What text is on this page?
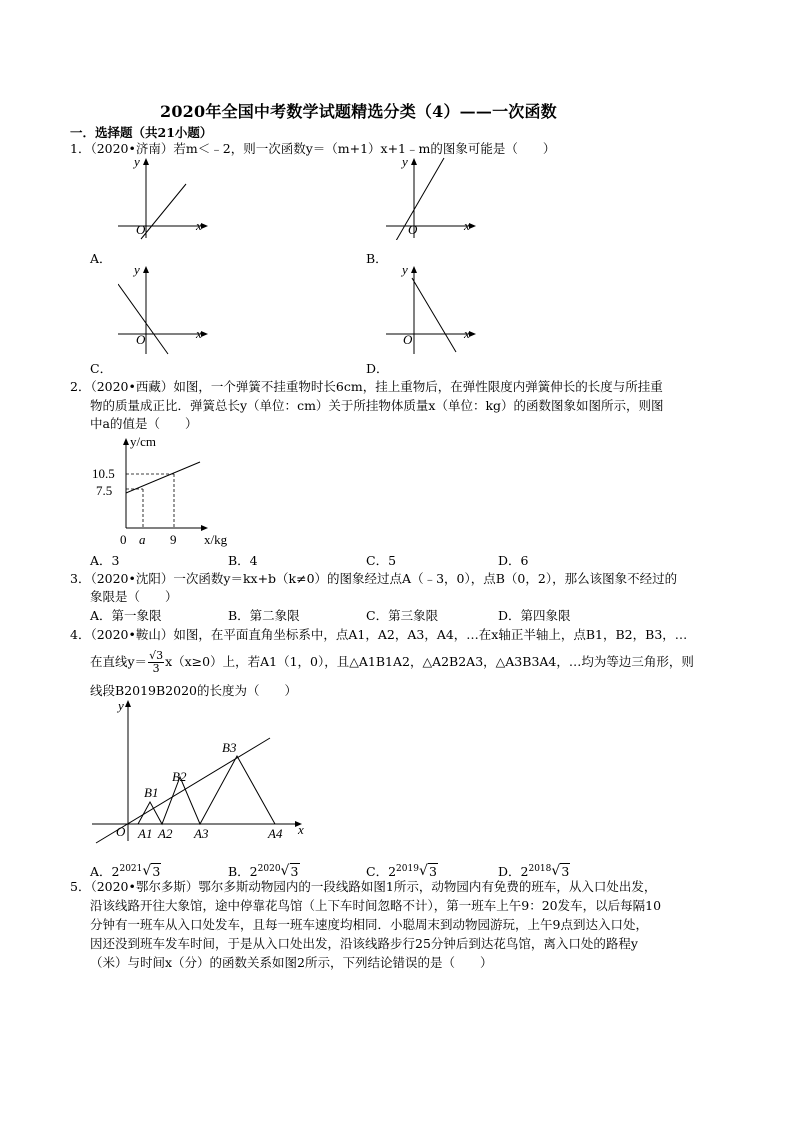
2020年全国中考数学试题精选分类（4）——一次函数
一．选择题（共21小题）
1．（2020•济南）若m＜﹣2，则一次函数y＝（m+1）x+1﹣m的图象可能是（　　）
y
x
O
A．
y
x
O
B．
y
x
O
C．
y
x
O
D．
2．（2020•西藏）如图，一个弹簧不挂重物时长6cm，挂上重物后，在弹性限度内弹簧伸长的长度与所挂重
物的质量成正比．弹簧总长y（单位：cm）关于所挂物体质量x（单位：kg）的函数图象如图所示，则图
中a的值是（　　）
y/cm
x/kg
10.5
7.5
0 a 9
A．3	B．4	C．5	D．6
3．（2020•沈阳）一次函数y＝kx+b（k≠0）的图象经过点A（﹣3，0），点B（0，2），那么该图象不经过的
象限是（　　）
A．第一象限	B．第二象限	C．第三象限	D．第四象限
4．（2020•鞍山）如图，在平面直角坐标系中，点A1，A2，A3，A4，…在x轴正半轴上，点B1，B2，B3，…
在直线$y= \frac{√3}{3} x(x\ge 0)$上，若A1（1，0），且△A1B1A2，△A2B2A3，△A3B3A4，…均为等边三角形，则
线段B2019B2020的长度为（　　）
y
x
O A1 A2 A3	A4
B1
B2
B3
A．$2^{2021}$ √ 3	B．$2^{2020}$ √ 3	C．$2^{2019}$ √ 3	D．$2^{2018}$ √ 3
5．（2020•鄂尔多斯）鄂尔多斯动物园内的一段线路如图1所示，动物园内有免费的班车，从入口处出发，
沿该线路开往大象馆，途中停靠花鸟馆（上下车时间忽略不计），第一班车上午9：20发车，以后每隔10
分钟有一班车从入口处发车，且每一班车速度均相同．小聪周末到动物园游玩，上午9点到达入口处，
因还没到班车发车时间，于是从入口处出发，沿该线路步行25分钟后到达花鸟馆，离入口处的路程y
（米）与时间x（分）的函数关系如图2所示，下列结论错误的是（　　）
